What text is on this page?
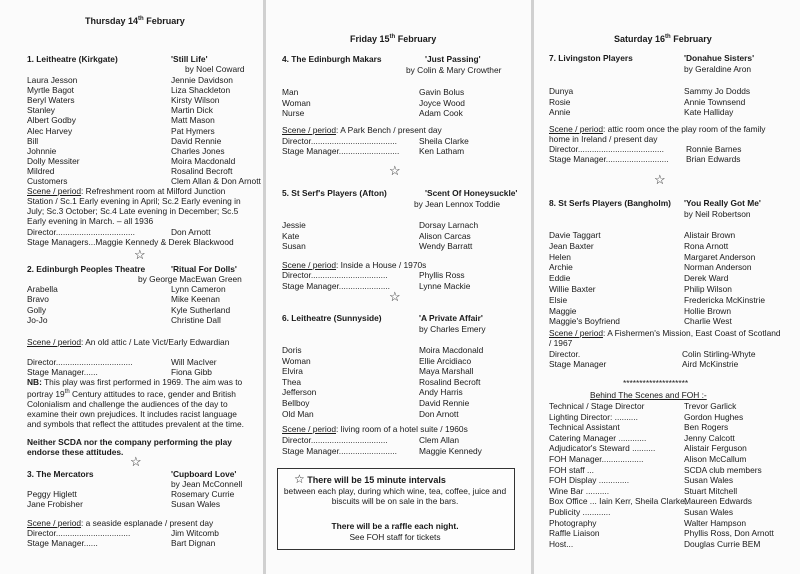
Thursday 14th February
1. Leitheatre (Kirkgate)	'Still Life'
by Noel Coward
Laura Jesson	Jennie Davidson
Myrtle Bagot	Liza Shackleton
Beryl Waters	Kirsty Wilson
Stanley	Martin Dick
Albert Godby	Matt Mason
Alec Harvey	Pat Hymers
Bill	David Rennie
Johnnie	Charles Jones
Dolly Messiter	Moira Macdonald
Mildred	Rosalind Becroft
Customers	Clem Allan & Don Arnott
Scene / period: Refreshment room at Milford Junction Station / Sc.1 Early evening in April; Sc.2 Early evening in July; Sc.3 October; Sc.4 Late evening in December; Sc.5 Early evening in March. – all 1936
Director..................................	Don Arnott
Stage Managers...Maggie Kennedy & Derek Blackwood
☆
2. Edinburgh Peoples Theatre	'Ritual For Dolls'
by George MacEwan Green
Arabella	Lynn Cameron
Bravo	Mike Keenan
Golly	Kyle Sutherland
Jo-Jo	Christine Dall
Scene / period: An old attic / Late Vict/Early Edwardian
Director.................................	Will MacIver
Stage Manager......	Fiona Gibb
NB: This play was first performed in 1969. The aim was to portray 19th Century attitudes to race, gender and British Colonialism and challenge the audiences of the day to examine their own prejudices. It includes racist language and symbols that reflect the attitudes prevalent at the time.
Neither SCDA nor the company performing the play endorse these attitudes.
☆
3. The Mercators	'Cupboard Love'
by Jean McConnell
Peggy Higlett	Rosemary Currie
Jane Frobisher	Susan Wales
Scene / period: a seaside esplanade / present day
Director................................	Jim Witcomb
Stage Manager......	Bart Dignan
Friday 15th February
4. The Edinburgh Makars	'Just Passing'
by Colin & Mary Crowther
Man	Gavin Bolus
Woman	Joyce Wood
Nurse	Adam Cook
Scene / period: A Park Bench / present day
Director.....................................	Sheila Clarke
Stage Manager.......................... Ken Latham
☆
5. St Serf's Players (Afton)	'Scent Of Honeysuckle'
by Jean Lennox Toddie
Jessie	Dorsay Larnach
Kate	Alison Carcas
Susan	Wendy Barratt
Scene / period: Inside a House / 1970s
Director.................................	Phyllis Ross
Stage Manager......................	Lynne Mackie
☆
6. Leitheatre (Sunnyside)	'A Private Affair'
by Charles Emery
Doris	Moira Macdonald
Woman	Ellie Arcidiaco
Elvira	Maya Marshall
Thea	Rosalind Becroft
Jefferson	Andy Harris
Bellboy	David Rennie
Old Man	Don Arnott
Scene / period: living room of a hotel suite / 1960s
Director.................................	Clem Allan
Stage Manager.........................	Maggie Kennedy
☆ There will be 15 minute intervals
between each play, during which wine, tea, coffee, juice and biscuits will be on sale in the bars.
There will be a raffle each night.
See FOH staff for tickets
Saturday 16th February
7. Livingston Players	'Donahue Sisters'
by Geraldine Aron
Dunya	Sammy Jo Dodds
Rosie	Annie Townsend
Annie	Kate Halliday
Scene / period: attic room once the play room of the family home in Ireland / present day
Director.....................................	Ronnie Barnes
Stage Manager........................... Brian Edwards
☆
8. St Serfs Players (Bangholm) 'You Really Got Me'
by Neil Robertson
Davie Taggart	Alistair Brown
Jean Baxter	Rona Arnott
Helen	Margaret Anderson
Archie	Norman Anderson
Eddie	Derek Ward
Willie Baxter	Philip Wilson
Elsie	Fredericka McKinstrie
Maggie	Hollie Brown
Maggie's Boyfriend	Charlie West
Scene / period: A Fishermen's Mission, East Coast of Scotland / 1967
Director.	Colin Stirling-Whyte
Stage Manager	Aird McKinstrie
********************
Behind The Scenes and FOH :-
Technical / Stage Director	Trevor Garlick
Lighting Director: ..........	Gordon Hughes
Technical Assistant	Ben Rogers
Catering Manager ............	Jenny Calcott
Adjudicator's Steward ..........	Alistair Ferguson
FOH Manager..................	Alison McCallum
FOH staff ...	SCDA club members
FOH Display .............	Susan Wales
Wine Bar ..........	Stuart Mitchell
Box Office ... Iain Kerr, Sheila Clarke,
Maureen Edwards
Publicity ............	Susan Wales
Photography	Walter Hampson
Raffle Liaison	Phyllis Ross, Don Arnott
Host...	Douglas Currie BEM
